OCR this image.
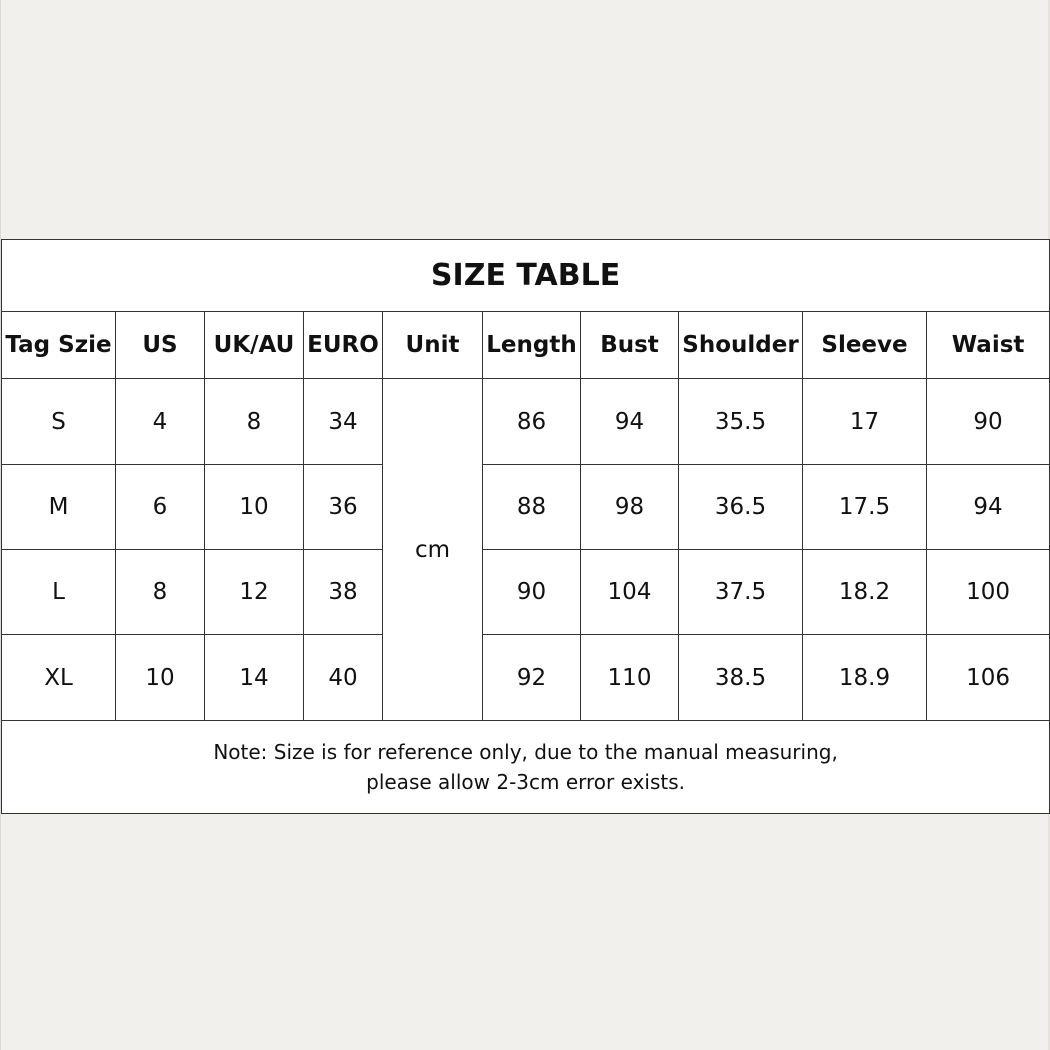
SIZE TABLE									
Tag Szie	US	UK/AU	EURO	Unit	Length	Bust	Shoulder	Sleeve	Waist
S	4	8	34	cm	86	94	35.5	17	90
M	6	10	36		88	98	36.5	17.5	94
L	8	12	38		90	104	37.5	18.2	100
XL	10	14	40		92	110	38.5	18.9	106

Note: Size is for reference only, due to the manual measuring,
please allow 2-3cm error exists.									
